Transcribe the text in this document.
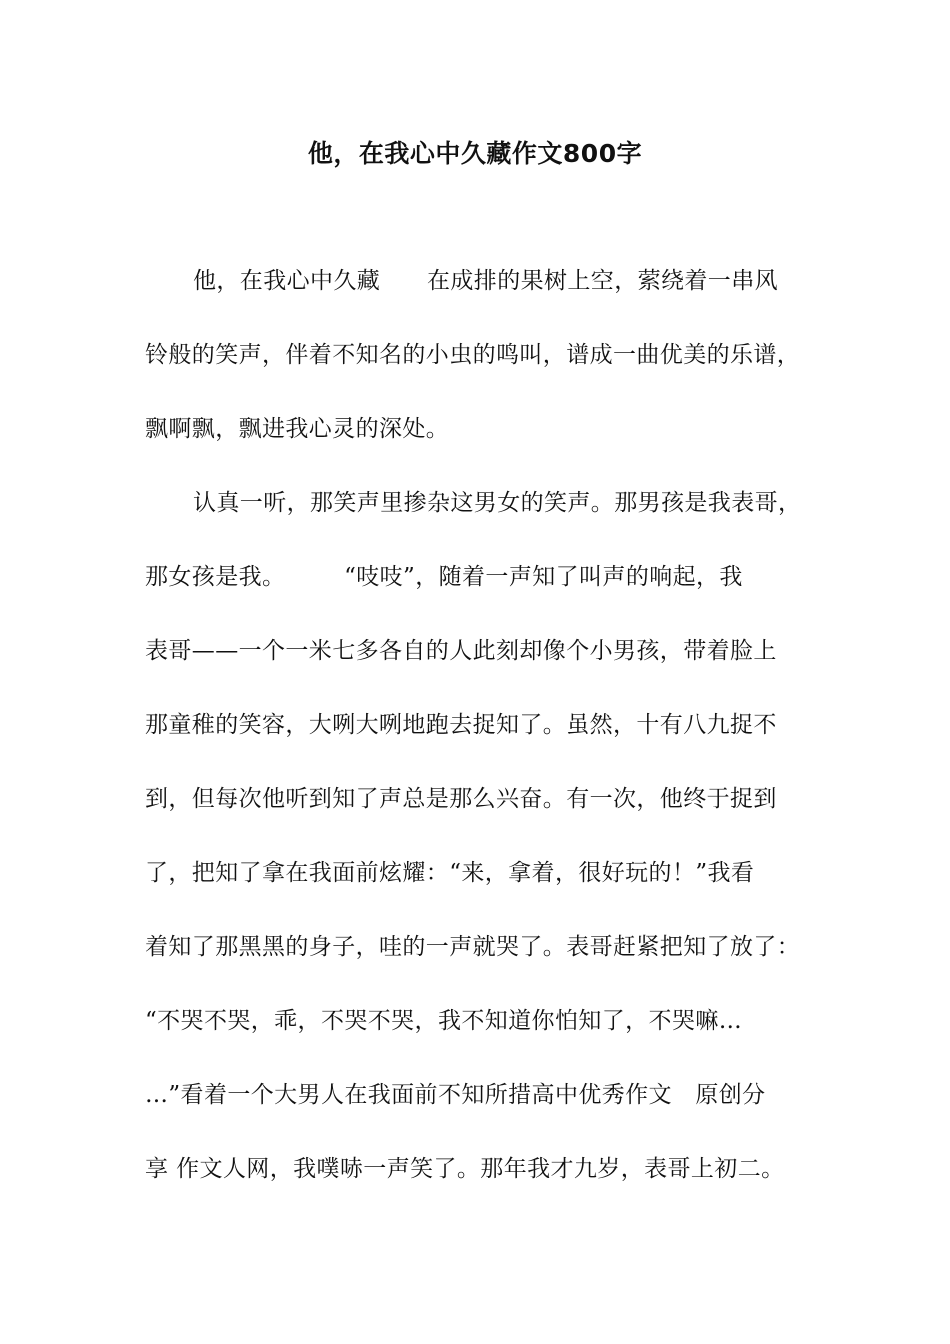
他，在我心中久藏作文800字
他，在我心中久藏　　在成排的果树上空，萦绕着一串风
铃般的笑声，伴着不知名的小虫的鸣叫，谱成一曲优美的乐谱，
飘啊飘，飘进我心灵的深处。
认真一听，那笑声里掺杂这男女的笑声。那男孩是我表哥，
那女孩是我。　　　“吱吱”，随着一声知了叫声的响起，我
表哥——一个一米七多各自的人此刻却像个小男孩，带着脸上
那童稚的笑容，大咧大咧地跑去捉知了。虽然，十有八九捉不
到，但每次他听到知了声总是那么兴奋。有一次，他终于捉到
了，把知了拿在我面前炫耀：“来，拿着，很好玩的！”我看
着知了那黑黑的身子，哇的一声就哭了。表哥赶紧把知了放了：
“不哭不哭，乖，不哭不哭，我不知道你怕知了，不哭嘛…
…”看着一个大男人在我面前不知所措高中优秀作文　原创分
享 作文人网，我噗哧一声笑了。那年我才九岁，表哥上初二。
